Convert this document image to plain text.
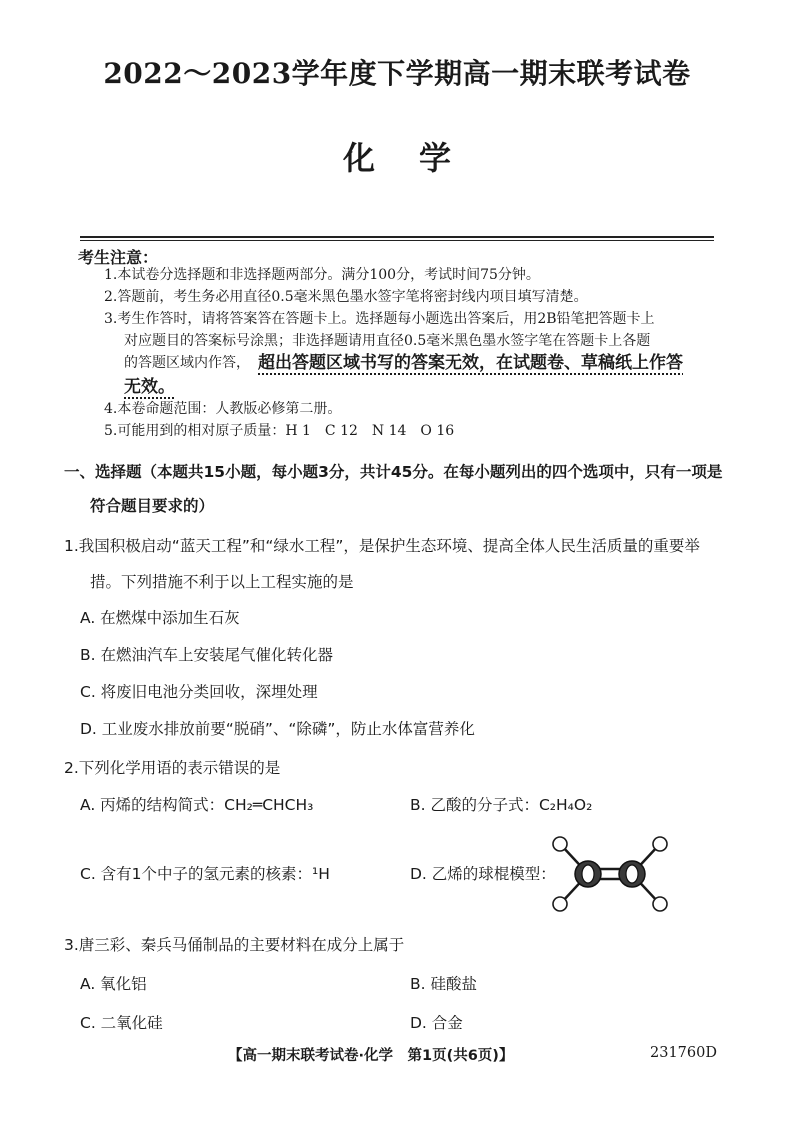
2022～2023学年度下学期高一期末联考试卷
化学
考生注意：
1.本试卷分选择题和非选择题两部分。满分100分，考试时间75分钟。
2.答题前，考生务必用直径0.5毫米黑色墨水签字笔将密封线内项目填写清楚。
3.考生作答时，请将答案答在答题卡上。选择题每小题选出答案后，用2B铅笔把答题卡上
对应题目的答案标号涂黑；非选择题请用直径0.5毫米黑色墨水签字笔在答题卡上各题
的答题区域内作答， 超出答题区域书写的答案无效，在试题卷、草稿纸上作答
无效。
4.本卷命题范围：人教版必修第二册。
5.可能用到的相对原子质量：H 1　C 12　N 14　O 16
一、选择题（本题共15小题，每小题3分，共计45分。在每小题列出的四个选项中，只有一项是
符合题目要求的）
1.我国积极启动“蓝天工程”和“绿水工程”，是保护生态环境、提高全体人民生活质量的重要举
措。下列措施不利于以上工程实施的是
A. 在燃煤中添加生石灰
B. 在燃油汽车上安装尾气催化转化器
C. 将废旧电池分类回收，深埋处理
D. 工业废水排放前要“脱硝”、“除磷”，防止水体富营养化
2.下列化学用语的表示错误的是
A. 丙烯的结构简式：CH₂═CHCH₃	B. 乙酸的分子式：C₂H₄O₂
C. 含有1个中子的氢元素的核素：¹H	D. 乙烯的球棍模型：
3.唐三彩、秦兵马俑制品的主要材料在成分上属于
A. 氧化铝	B. 硅酸盐
C. 二氧化硅	D. 合金
【高一期末联考试卷·化学　第1页(共6页)】	231760D
